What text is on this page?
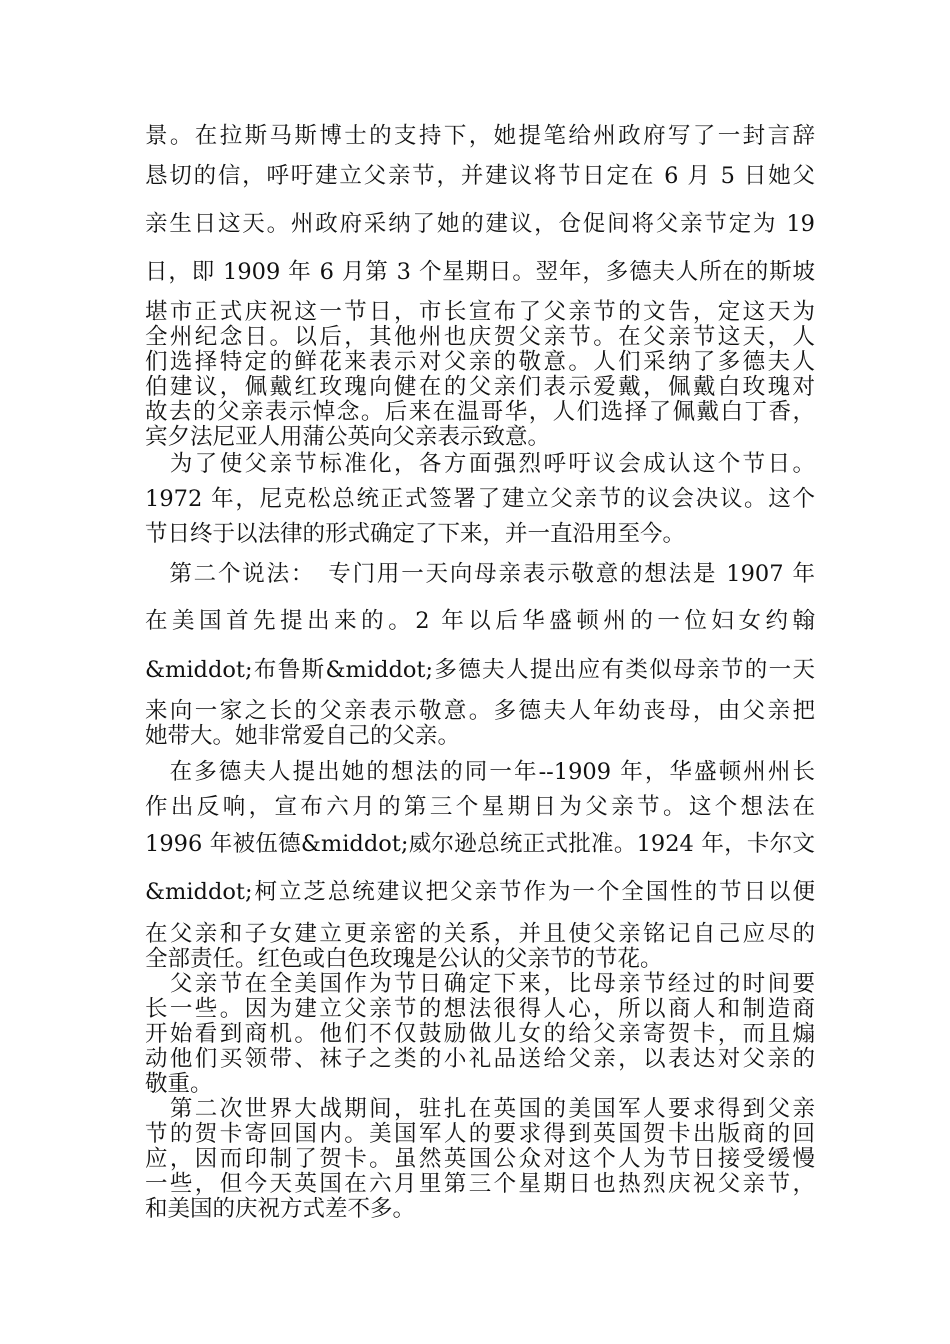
景。在拉斯马斯博士的支持下，她提笔给州政府写了一封言辞
恳切的信，呼吁建立父亲节，并建议将节日定在 6 月 5 日她父
亲生日这天。州政府采纳了她的建议，仓促间将父亲节定为 19
日，即 1909 年 6 月第 3 个星期日。翌年，多德夫人所在的斯坡
堪市正式庆祝这一节日，市长宣布了父亲节的文告，定这天为
全州纪念日。以后，其他州也庆贺父亲节。在父亲节这天，人
们选择特定的鲜花来表示对父亲的敬意。人们采纳了多德夫人
伯建议，佩戴红玫瑰向健在的父亲们表示爱戴，佩戴白玫瑰对
故去的父亲表示悼念。后来在温哥华，人们选择了佩戴白丁香，
宾夕法尼亚人用蒲公英向父亲表示致意。
　为了使父亲节标准化，各方面强烈呼吁议会成认这个节日。
1972 年，尼克松总统正式签署了建立父亲节的议会决议。这个
节日终于以法律的形式确定了下来，并一直沿用至今。
　第二个说法：　专门用一天向母亲表示敬意的想法是 1907 年
在美国首先提出来的。2 年以后华盛顿州的一位妇女约翰
&middot;布鲁斯&middot;多德夫人提出应有类似母亲节的一天
来向一家之长的父亲表示敬意。多德夫人年幼丧母，由父亲把
她带大。她非常爱自己的父亲。
　在多德夫人提出她的想法的同一年--1909 年，华盛顿州州长
作出反响，宣布六月的第三个星期日为父亲节。这个想法在
1996 年被伍德&middot;威尔逊总统正式批准。1924 年，卡尔文
&middot;柯立芝总统建议把父亲节作为一个全国性的节日以便
在父亲和子女建立更亲密的关系，并且使父亲铭记自己应尽的
全部责任。红色或白色玫瑰是公认的父亲节的节花。
　父亲节在全美国作为节日确定下来，比母亲节经过的时间要
长一些。因为建立父亲节的想法很得人心，所以商人和制造商
开始看到商机。他们不仅鼓励做儿女的给父亲寄贺卡，而且煽
动他们买领带、袜子之类的小礼品送给父亲，以表达对父亲的
敬重。
　第二次世界大战期间，驻扎在英国的美国军人要求得到父亲
节的贺卡寄回国内。美国军人的要求得到英国贺卡出版商的回
应，因而印制了贺卡。虽然英国公众对这个人为节日接受缓慢
一些，但今天英国在六月里第三个星期日也热烈庆祝父亲节，
和美国的庆祝方式差不多。
